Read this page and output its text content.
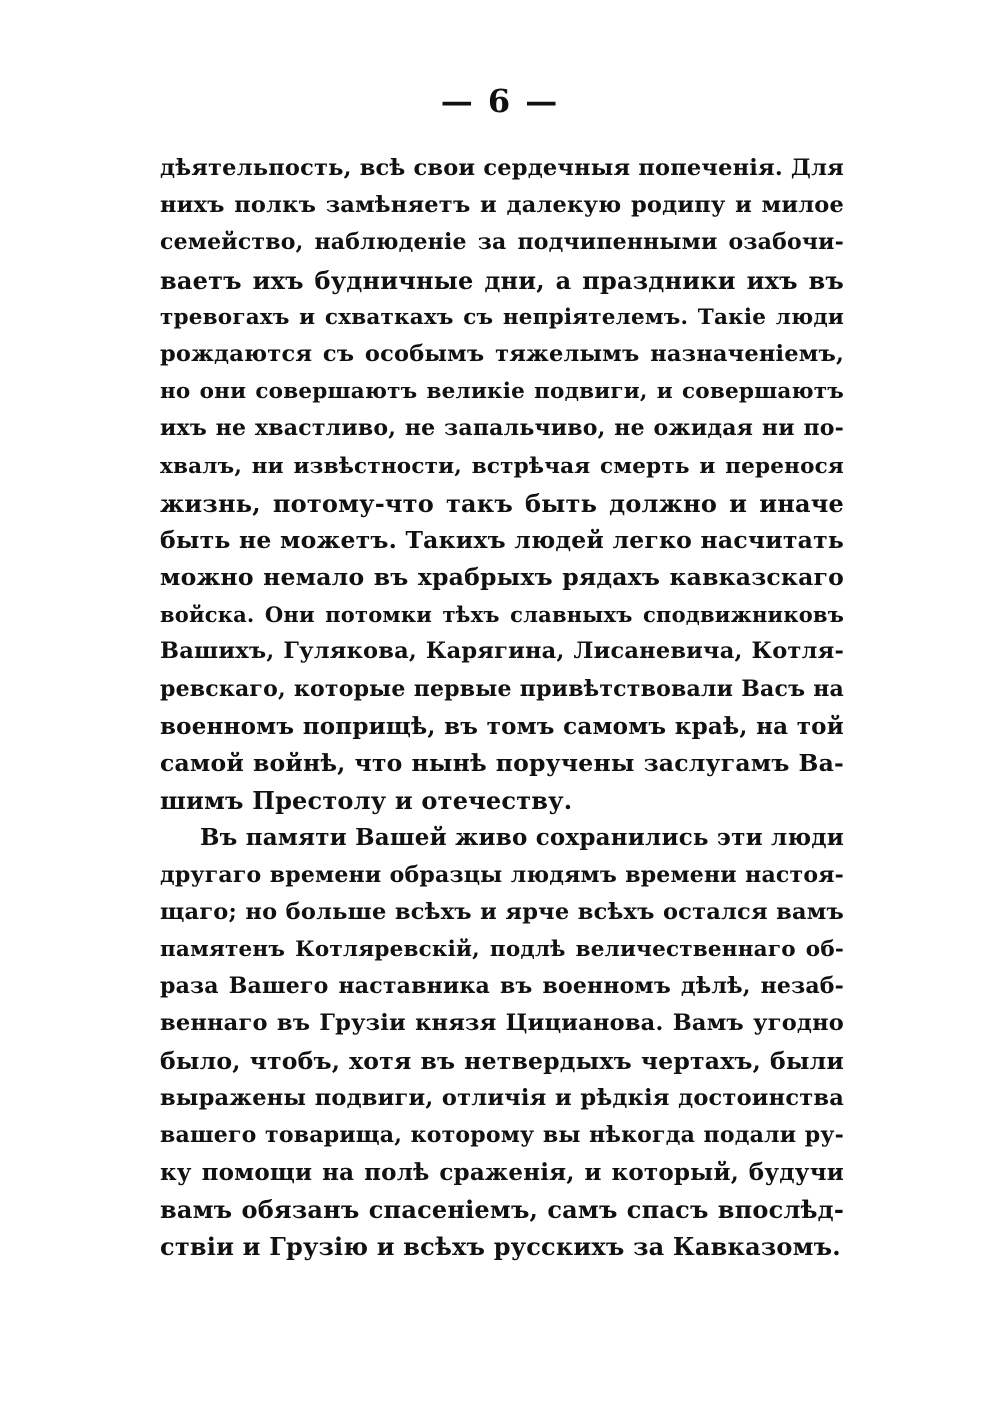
— 6 —
дѣятельпость, всѣ свои сердечныя попеченія. Для
нихъ полкъ замѣняетъ и далекую родипу и милое
семейство, наблюденіе за подчипенными озабочи-
ваетъ ихъ будничные дни, а праздники ихъ въ
тревогахъ и схваткахъ съ непріятелемъ. Такіе люди
рождаются съ особымъ тяжелымъ назначеніемъ,
но они совершаютъ великіе подвиги, и совершаютъ
ихъ не хвастливо, не запальчиво, не ожидая ни по-
хвалъ, ни извѣстности, встрѣчая смерть и перенося
жизнь, потому-что такъ быть должно и иначе
быть не можетъ. Такихъ людей легко насчитать
можно немало въ храбрыхъ рядахъ кавказскаго
войска. Они потомки тѣхъ славныхъ сподвижниковъ
Вашихъ, Гулякова, Карягина, Лисаневича, Котля-
ревскаго, которые первые привѣтствовали Васъ на
военномъ поприщѣ, въ томъ самомъ краѣ, на той
самой войнѣ, что нынѣ поручены заслугамъ Ва-
шимъ Престолу и отечеству.
Въ памяти Вашей живо сохранились эти люди
другаго времени образцы людямъ времени настоя-
щаго; но больше всѣхъ и ярче всѣхъ остался вамъ
памятенъ Котляревскій, подлѣ величественнаго об-
раза Вашего наставника въ военномъ дѣлѣ, незаб-
веннаго въ Грузіи князя Цициaнова. Вамъ угодно
было, чтобъ, хотя въ нетвердыхъ чертахъ, были
выражены подвиги, отличія и рѣдкія достоинства
вашего товарища, которому вы нѣкогда подали ру-
ку помощи на полѣ сраженія, и который, будучи
вамъ обязанъ спасеніемъ, самъ спасъ впослѣд-
ствіи и Грузію и всѣхъ русскихъ за Кавказомъ.
